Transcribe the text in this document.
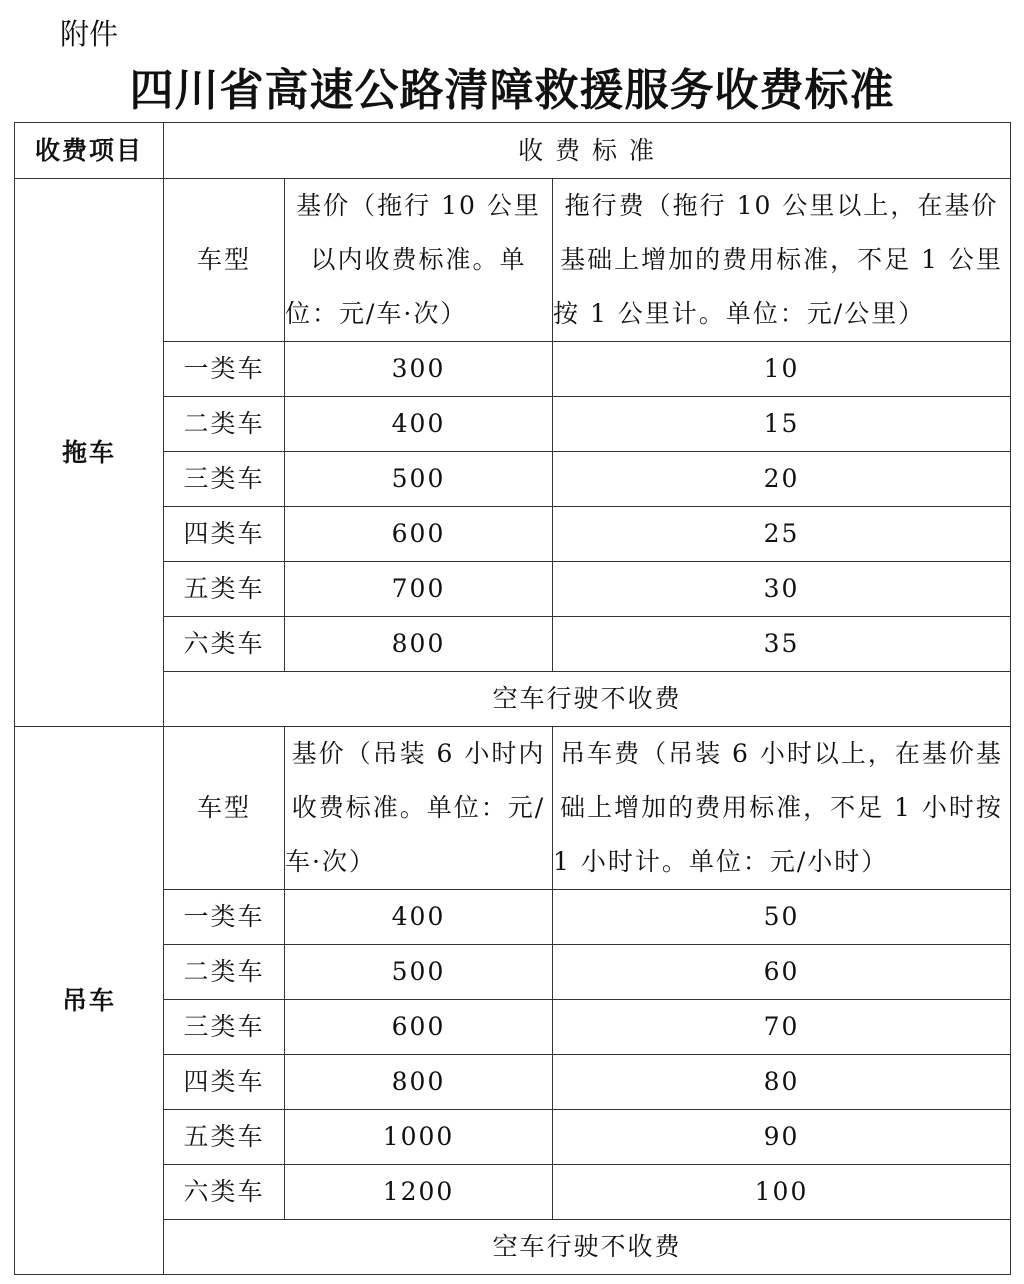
附件
四川省高速公路清障救援服务收费标准
收费项目	收 费 标 准		
拖车	车型	基价（拖行 10 公里以内收费标准。单位：元/车·次）	拖行费（拖行 10 公里以上，在基价基础上增加的费用标准，不足 1 公里按 1 公里计。单位：元/公里）
	一类车	300	10
	二类车	400	15
	三类车	500	20
	四类车	600	25
	五类车	700	30
	六类车	800	35
	空车行驶不收费		
吊车	车型	基价（吊装 6 小时内收费标准。单位：元/车·次）	吊车费（吊装 6 小时以上，在基价基础上增加的费用标准，不足 1 小时按 1 小时计。单位：元/小时）
	一类车	400	50
	二类车	500	60
	三类车	600	70
	四类车	800	80
	五类车	1000	90
	六类车	1200	100
	空车行驶不收费		
